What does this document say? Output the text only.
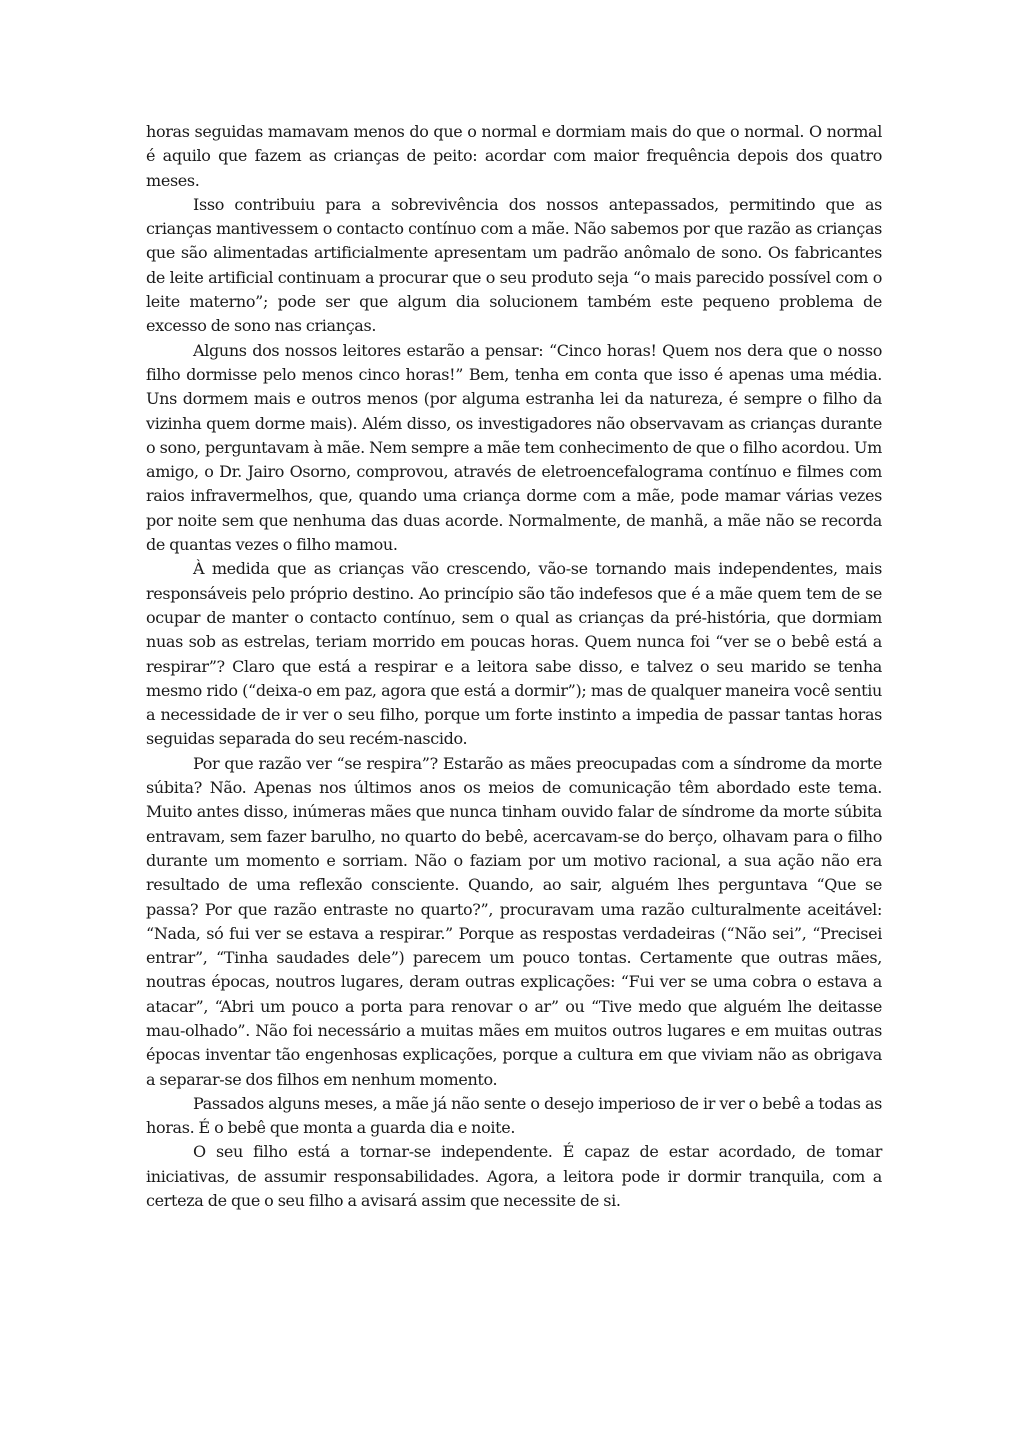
horas seguidas mamavam menos do que o normal e dormiam mais do que o normal. O normal é aquilo que fazem as crianças de peito: acordar com maior frequência depois dos quatro meses.

Isso contribuiu para a sobrevivência dos nossos antepassados, permitindo que as crianças mantivessem o contacto contínuo com a mãe. Não sabemos por que razão as crianças que são alimentadas artificialmente apresentam um padrão anômalo de sono. Os fabricantes de leite artificial continuam a procurar que o seu produto seja “o mais parecido possível com o leite materno”; pode ser que algum dia solucionem também este pequeno problema de excesso de sono nas crianças.

Alguns dos nossos leitores estarão a pensar: “Cinco horas! Quem nos dera que o nosso filho dormisse pelo menos cinco horas!” Bem, tenha em conta que isso é apenas uma média. Uns dormem mais e outros menos (por alguma estranha lei da natureza, é sempre o filho da vizinha quem dorme mais). Além disso, os investigadores não observavam as crianças durante o sono, perguntavam à mãe. Nem sempre a mãe tem conhecimento de que o filho acordou. Um amigo, o Dr. Jairo Osorno, comprovou, através de eletroencefalograma contínuo e filmes com raios infravermelhos, que, quando uma criança dorme com a mãe, pode mamar várias vezes por noite sem que nenhuma das duas acorde. Normalmente, de manhã, a mãe não se recorda de quantas vezes o filho mamou.

À medida que as crianças vão crescendo, vão-se tornando mais independentes, mais responsáveis pelo próprio destino. Ao princípio são tão indefesos que é a mãe quem tem de se ocupar de manter o contacto contínuo, sem o qual as crianças da pré-história, que dormiam nuas sob as estrelas, teriam morrido em poucas horas. Quem nunca foi “ver se o bebê está a respirar”? Claro que está a respirar e a leitora sabe disso, e talvez o seu marido se tenha mesmo rido (“deixa-o em paz, agora que está a dormir”); mas de qualquer maneira você sentiu a necessidade de ir ver o seu filho, porque um forte instinto a impedia de passar tantas horas seguidas separada do seu recém-nascido.

Por que razão ver “se respira”? Estarão as mães preocupadas com a síndrome da morte súbita? Não. Apenas nos últimos anos os meios de comunicação têm abordado este tema. Muito antes disso, inúmeras mães que nunca tinham ouvido falar de síndrome da morte súbita entravam, sem fazer barulho, no quarto do bebê, acercavam-se do berço, olhavam para o filho durante um momento e sorriam. Não o faziam por um motivo racional, a sua ação não era resultado de uma reflexão consciente. Quando, ao sair, alguém lhes perguntava “Que se passa? Por que razão entraste no quarto?”, procuravam uma razão culturalmente aceitável: “Nada, só fui ver se estava a respirar.” Porque as respostas verdadeiras (“Não sei”, “Precisei entrar”, “Tinha saudades dele”) parecem um pouco tontas. Certamente que outras mães, noutras épocas, noutros lugares, deram outras explicações: “Fui ver se uma cobra o estava a atacar”, “Abri um pouco a porta para renovar o ar” ou “Tive medo que alguém lhe deitasse mau-olhado”. Não foi necessário a muitas mães em muitos outros lugares e em muitas outras épocas inventar tão engenhosas explicações, porque a cultura em que viviam não as obrigava a separar-se dos filhos em nenhum momento.

Passados alguns meses, a mãe já não sente o desejo imperioso de ir ver o bebê a todas as horas. É o bebê que monta a guarda dia e noite.

O seu filho está a tornar-se independente. É capaz de estar acordado, de tomar iniciativas, de assumir responsabilidades. Agora, a leitora pode ir dormir tranquila, com a certeza de que o seu filho a avisará assim que necessite de si.
